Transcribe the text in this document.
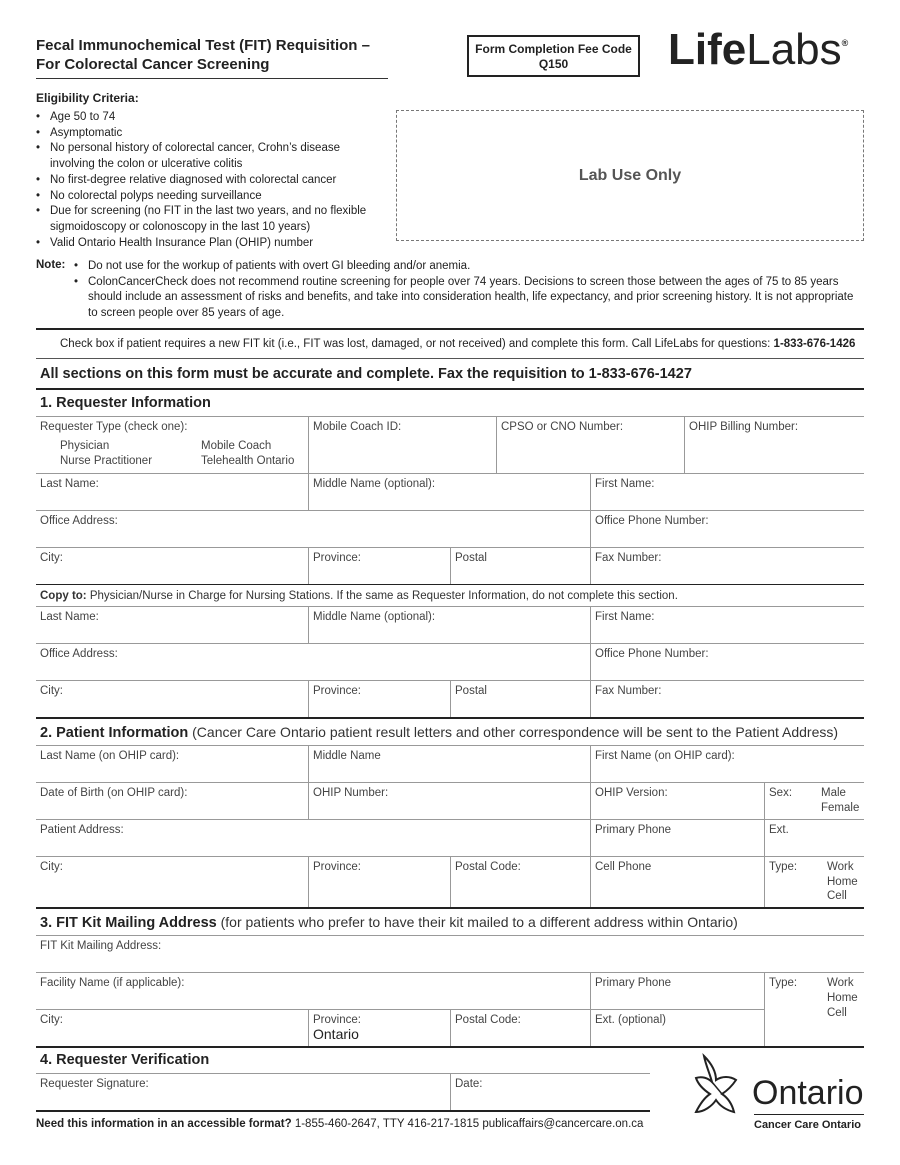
Fecal Immunochemical Test (FIT) Requisition –
For Colorectal Cancer Screening
Form Completion Fee Code
Q150	LifeLabs®
Eligibility Criteria:
• Age 50 to 74
• Asymptomatic
• No personal history of colorectal cancer, Crohn’s disease involving the colon or ulcerative colitis
• No first-degree relative diagnosed with colorectal cancer
• No colorectal polyps needing surveillance
• Due for screening (no FIT in the last two years, and no flexible sigmoidoscopy or colonoscopy in the last 10 years)
• Valid Ontario Health Insurance Plan (OHIP) number
Lab Use Only
Note:
•	Do not use for the workup of patients with overt GI bleeding and/or anemia.
• ColonCancerCheck does not recommend routine screening for people over 74 years. Decisions to screen those between the ages of 75 to 85 years should include an assessment of risks and benefits, and take into consideration health, life expectancy, and prior screening history. It is not appropriate to screen people over 85 years of age.
Check box if patient requires a new FIT kit (i.e., FIT was lost, damaged, or not received) and complete this form. Call LifeLabs for questions: 1-833-676-1426
All sections on this form must be accurate and complete. Fax the requisition to 1-833-676-1427
1. Requester Information
Requester Type (check one):
Physician
Nurse Practitioner
Mobile Coach
Telehealth Ontario
Mobile Coach ID:	CPSO or CNO Number:	OHIP Billing Number:
Last Name:	Middle Name (optional):	First Name:
Office Address:	Office Phone Number:
City:	Province:	Postal	Fax Number:
Copy to: Physician/Nurse in Charge for Nursing Stations. If the same as Requester Information, do not complete this section.
Last Name:	Middle Name (optional):	First Name:
Office Address:	Office Phone Number:
City:	Province:	Postal	Fax Number:
2. Patient Information (Cancer Care Ontario patient result letters and other correspondence will be sent to the Patient Address)
Last Name (on OHIP card):	Middle Name	First Name (on OHIP card):
Date of Birth (on OHIP card):	OHIP Number:	OHIP Version:	Sex:	Male
Female
Patient Address:	Primary Phone	Ext.
City:	Province:	Postal Code:	Cell Phone	Type:	Work
Home
Cell
3. FIT Kit Mailing Address (for patients who prefer to have their kit mailed to a different address within Ontario)
FIT Kit Mailing Address:
Facility Name (if applicable):	Primary Phone	Type:	Work
Home
Cell
City:	Province:
Ontario
Postal Code:	Ext. (optional)
4. Requester Verification
Requester Signature:	Date:
Need this information in an accessible format? 1-855-460-2647, TTY 416-217-1815 publicaffairs@cancercare.on.ca
Ontario
Cancer Care Ontario
